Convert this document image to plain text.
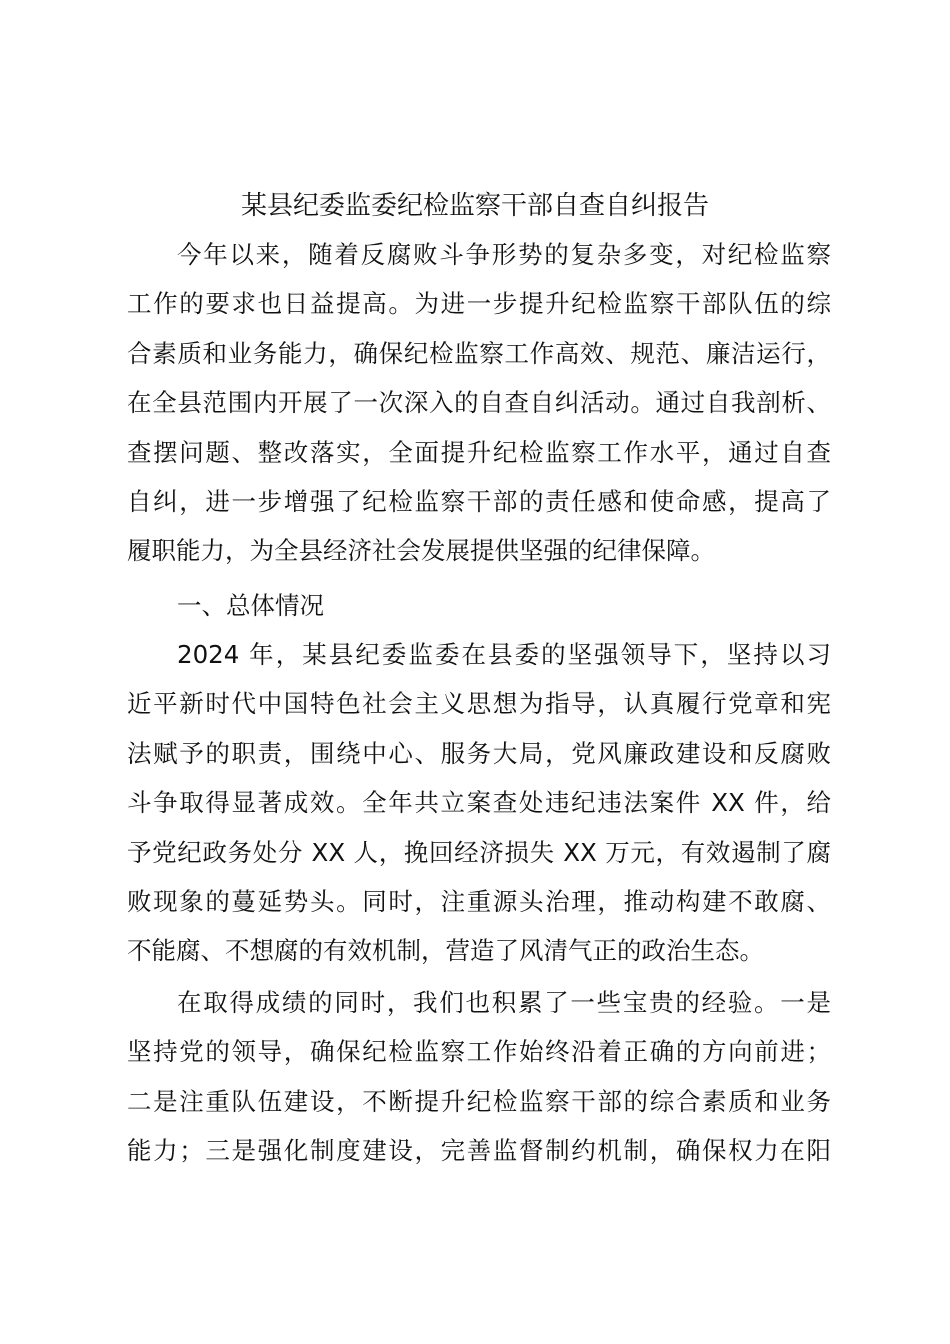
某县纪委监委纪检监察干部自查自纠报告
今年以来，随着反腐败斗争形势的复杂多变，对纪检监察
工作的要求也日益提高。为进一步提升纪检监察干部队伍的综
合素质和业务能力，确保纪检监察工作高效、规范、廉洁运行，
在全县范围内开展了一次深入的自查自纠活动。通过自我剖析、
查摆问题、整改落实，全面提升纪检监察工作水平，通过自查
自纠，进一步增强了纪检监察干部的责任感和使命感，提高了
履职能力，为全县经济社会发展提供坚强的纪律保障。
一、总体情况
2024 年，某县纪委监委在县委的坚强领导下，坚持以习
近平新时代中国特色社会主义思想为指导，认真履行党章和宪
法赋予的职责，围绕中心、服务大局，党风廉政建设和反腐败
斗争取得显著成效。全年共立案查处违纪违法案件 XX 件，给
予党纪政务处分 XX 人，挽回经济损失 XX 万元，有效遏制了腐
败现象的蔓延势头。同时，注重源头治理，推动构建不敢腐、
不能腐、不想腐的有效机制，营造了风清气正的政治生态。
在取得成绩的同时，我们也积累了一些宝贵的经验。一是
坚持党的领导，确保纪检监察工作始终沿着正确的方向前进；
二是注重队伍建设，不断提升纪检监察干部的综合素质和业务
能力；三是强化制度建设，完善监督制约机制，确保权力在阳
